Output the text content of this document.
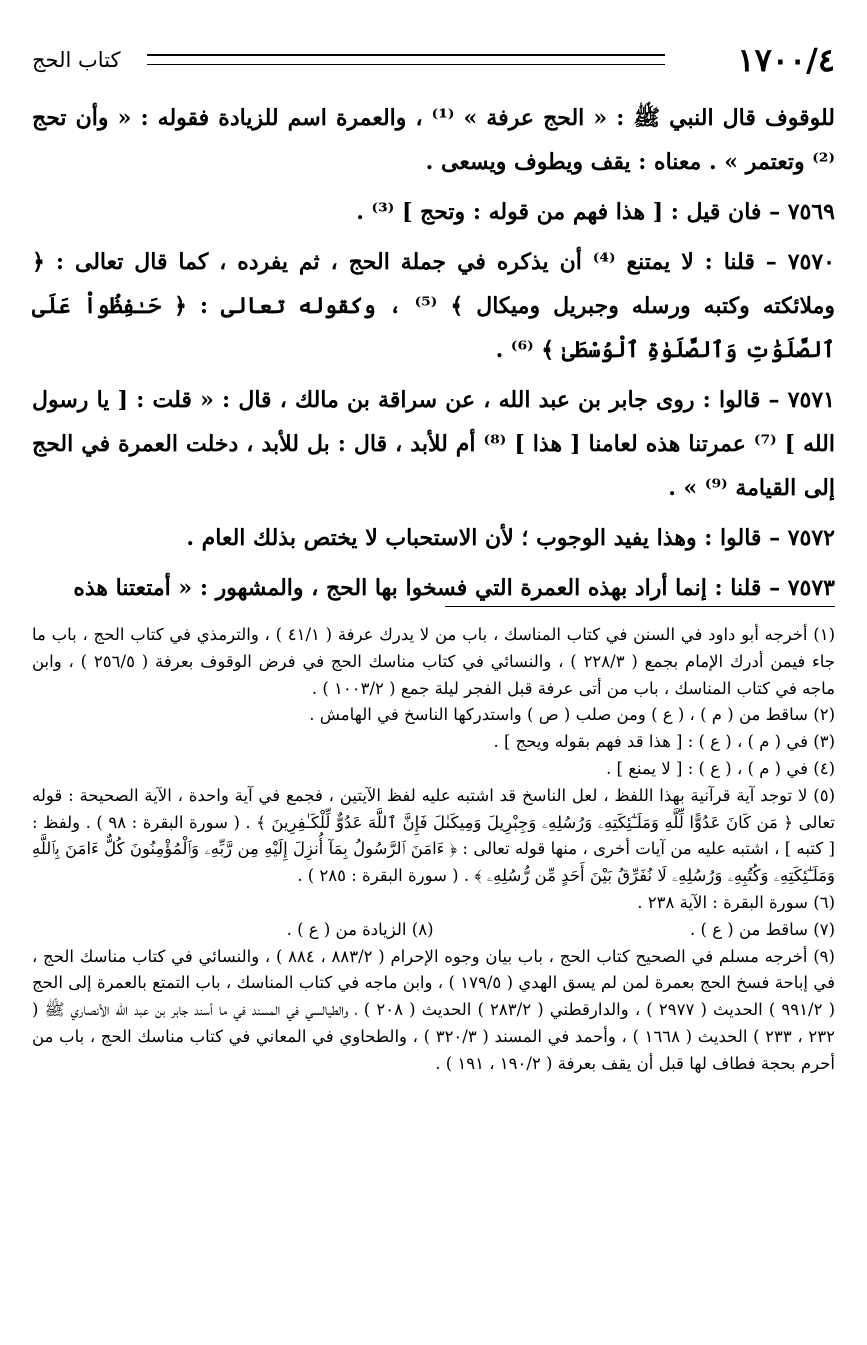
١٧٠٠/٤
كتاب الحج

للوقوف قال النبي ﷺ : « الحج عرفة » ⁽¹⁾ ، والعمرة اسم للزيادة فقوله : « وأن تحج ⁽²⁾ وتعتمر » . معناه : يقف ويطوف ويسعى .

٧٥٦٩ – فان قيل : [ هذا فهم من قوله : وتحج ] ⁽³⁾ .

٧٥٧٠ – قلنا : لا يمتنع ⁽⁴⁾ أن يذكره في جملة الحج ، ثم يفرده ، كما قال تعالى : ﴿ وملائكته وكتبه ورسله وجبريل وميكال ﴾ ⁽⁵⁾ ، وكقوله تعالى : ﴿ حَـٰفِظُواْ عَلَى ٱلصَّلَوَٰتِ وَٱلصَّلَوٰةِ ٱلْوُسْطَىٰ ﴾ ⁽⁶⁾ .

٧٥٧١ – قالوا : روى جابر بن عبد الله ، عن سراقة بن مالك ، قال : « قلت : [ يا رسول الله ] ⁽⁷⁾ عمرتنا هذه لعامنا [ هذا ] ⁽⁸⁾ أم للأبد ، قال : بل للأبد ، دخلت العمرة في الحج إلى القيامة ⁽⁹⁾ » .

٧٥٧٢ – قالوا : وهذا يفيد الوجوب ؛ لأن الاستحباب لا يختص بذلك العام .

٧٥٧٣ – قلنا : إنما أراد بهذه العمرة التي فسخوا بها الحج ، والمشهور : « أمتعتنا هذه

(١) أخرجه أبو داود في السنن في كتاب المناسك ، باب من لا يدرك عرفة ( ٤١/١ ) ، والترمذي في كتاب الحج ، باب ما جاء فيمن أدرك الإمام بجمع ( ٢٢٨/٣ ) ، والنسائي في كتاب مناسك الحج في فرض الوقوف بعرفة ( ٢٥٦/٥ ) ، وابن ماجه في كتاب المناسك ، باب من أتى عرفة قبل الفجر ليلة جمع ( ١٠٠٣/٢ ) .

(٢) ساقط من ( م ) ، ( ع ) ومن صلب ( ص ) واستدركها الناسخ في الهامش .

(٣) في ( م ) ، ( ع ) : [ هذا قد فهم بقوله ويحج ] .

(٤) في ( م ) ، ( ع ) : [ لا يمنع ] .

(٥) لا توجد آية قرآنية بهذا اللفظ ، لعل الناسخ قد اشتبه عليه لفظ الآيتين ، فجمع في آية واحدة ، الآية الصحيحة : قوله تعالى ﴿ مَن كَانَ عَدُوًّا لِّلَّهِ وَمَلَـٰٓئِكَتِهِۦ وَرُسُلِهِۦ وَجِبْرِيلَ وَمِيكَىٰلَ فَإِنَّ ٱللَّهَ عَدُوٌّ لِّلْكَـٰفِرِينَ ﴾ . ( سورة البقرة : ٩٨ ) . ولفظ : [ كتبه ] ، اشتبه عليه من آيات أخرى ، منها قوله تعالى : ﴿ ءَامَنَ ٱلرَّسُولُ بِمَآ أُنزِلَ إِلَيْهِ مِن رَّبِّهِۦ وَٱلْمُؤْمِنُونَ كُلٌّ ءَامَنَ بِٱللَّهِ وَمَلَـٰٓئِكَتِهِۦ وَكُتُبِهِۦ وَرُسُلِهِۦ لَا نُفَرِّقُ بَيْنَ أَحَدٍ مِّن رُّسُلِهِۦ ﴾ . ( سورة البقرة : ٢٨٥ ) .

(٦) سورة البقرة : الآية ٢٣٨ .
(٧) ساقط من ( ع ) .
(٨) الزيادة من ( ع ) .

(٩) أخرجه مسلم في الصحيح كتاب الحج ، باب بيان وجوه الإحرام ( ٨٨٣/٢ ، ٨٨٤ ) ، والنسائي في كتاب مناسك الحج ، في إباحة فسخ الحج بعمرة لمن لم يسق الهدي ( ١٧٩/٥ ) ، وابن ماجه في كتاب المناسك ، باب التمتع بالعمرة إلى الحج ( ٩٩١/٢ ) الحديث ( ٢٩٧٧ ) ، والدارقطني ( ٢٨٣/٢ ) الحديث ( ٢٠٨ ) ، والطيالسي في المسند في ما أسند جابر بن عبد الله الأنصاري ﷺ ( ٢٣٢ ، ٢٣٣ ) الحديث ( ١٦٦٨ ) ، وأحمد في المسند ( ٣٢٠/٣ ) ، والطحاوي في المعاني في كتاب مناسك الحج ، باب من أحرم بحجة فطاف لها قبل أن يقف بعرفة ( ١٩٠/٢ ، ١٩١ ) .
